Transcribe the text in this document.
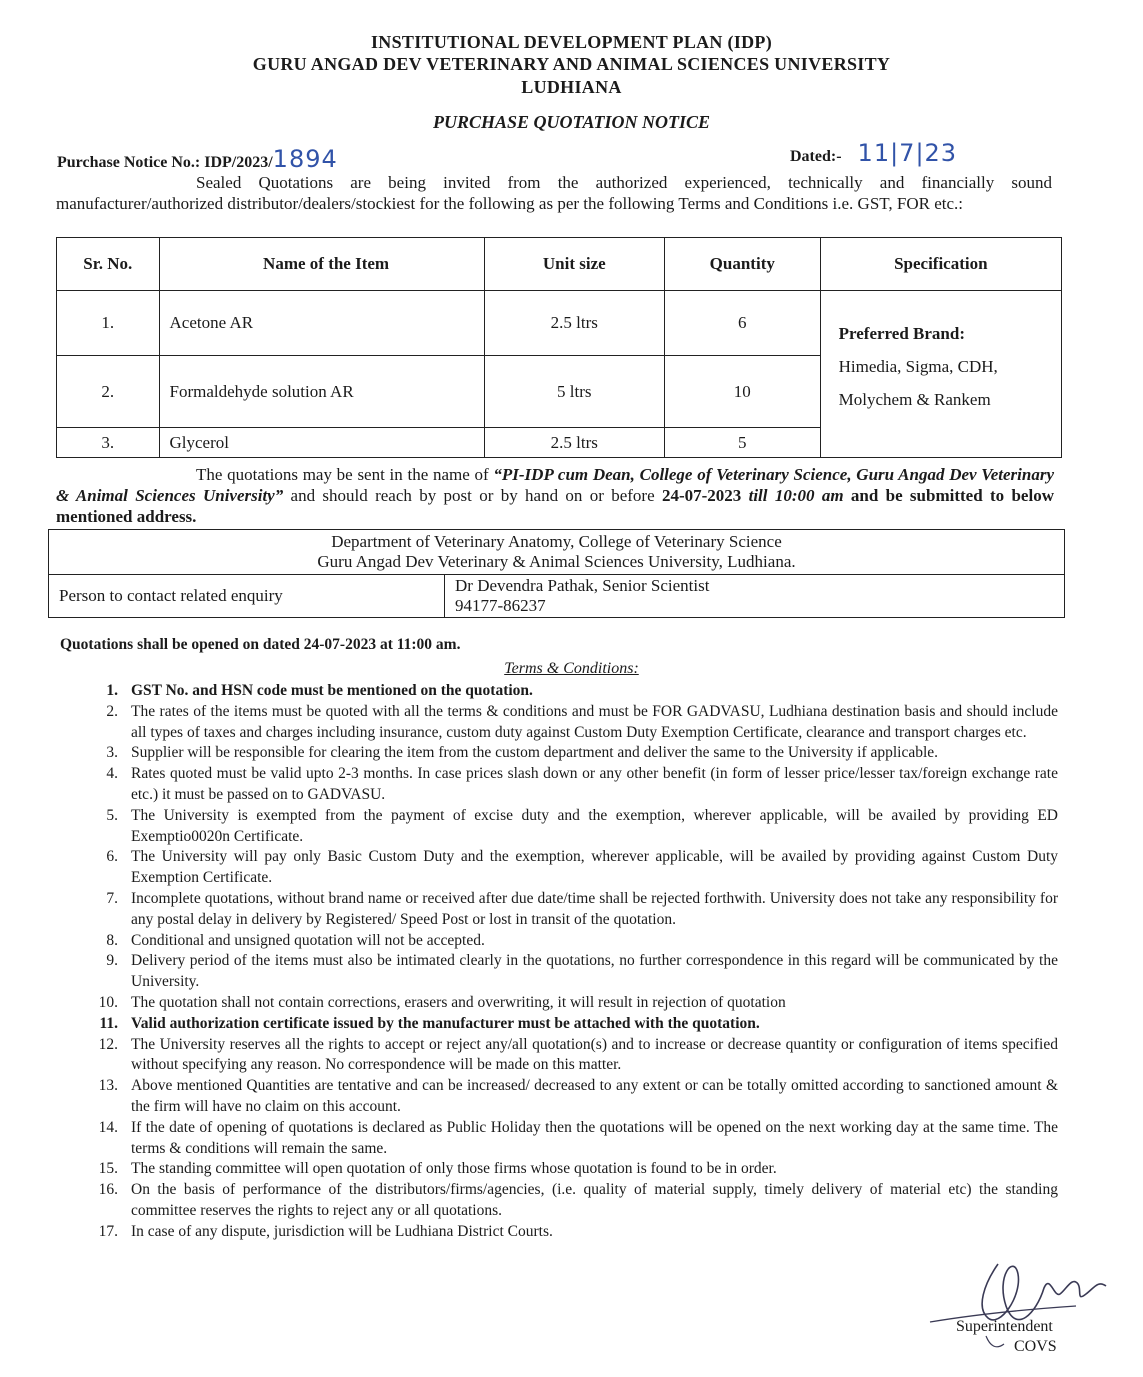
INSTITUTIONAL DEVELOPMENT PLAN (IDP)
GURU ANGAD DEV VETERINARY AND ANIMAL SCIENCES UNIVERSITY
LUDHIANA
PURCHASE QUOTATION NOTICE
Purchase Notice No.: IDP/2023/1894	Dated:- 11|7|23
Sealed Quotations are being invited from the authorized experienced, technically and financially sound manufacturer/authorized distributor/dealers/stockiest for the following as per the following Terms and Conditions i.e. GST, FOR etc.:
Sr. No.	Name of the Item	Unit size	Quantity	Specification
1.	Acetone AR	2.5 ltrs	6	Preferred Brand:
Himedia, Sigma, CDH,
Molychem & Rankem
2.	Formaldehyde solution AR	5 ltrs	10	
3.	Glycerol	2.5 ltrs	5	
The quotations may be sent in the name of “PI-IDP cum Dean, College of Veterinary Science, Guru Angad Dev Veterinary & Animal Sciences University” and should reach by post or by hand on or before 24-07-2023 till 10:00 am and be submitted to below mentioned address.
Department of Veterinary Anatomy, College of Veterinary Science
Guru Angad Dev Veterinary & Animal Sciences University, Ludhiana.
Person to contact related enquiry	Dr Devendra Pathak, Senior Scientist
94177-86237
Quotations shall be opened on dated 24-07-2023 at 11:00 am.
Terms & Conditions:
1. GST No. and HSN code must be mentioned on the quotation.
2. The rates of the items must be quoted with all the terms & conditions and must be FOR GADVASU, Ludhiana destination basis and should include all types of taxes and charges including insurance, custom duty against Custom Duty Exemption Certificate, clearance and transport charges etc.
3. Supplier will be responsible for clearing the item from the custom department and deliver the same to the University if applicable.
4. Rates quoted must be valid upto 2-3 months. In case prices slash down or any other benefit (in form of lesser price/lesser tax/foreign exchange rate etc.) it must be passed on to GADVASU.
5. The University is exempted from the payment of excise duty and the exemption, wherever applicable, will be availed by providing ED Exemptio0020n Certificate.
6. The University will pay only Basic Custom Duty and the exemption, wherever applicable, will be availed by providing against Custom Duty Exemption Certificate.
7. Incomplete quotations, without brand name or received after due date/time shall be rejected forthwith. University does not take any responsibility for any postal delay in delivery by Registered/ Speed Post or lost in transit of the quotation.
8. Conditional and unsigned quotation will not be accepted.
9. Delivery period of the items must also be intimated clearly in the quotations, no further correspondence in this regard will be communicated by the University.
10. The quotation shall not contain corrections, erasers and overwriting, it will result in rejection of quotation
11. Valid authorization certificate issued by the manufacturer must be attached with the quotation.
12. The University reserves all the rights to accept or reject any/all quotation(s) and to increase or decrease quantity or configuration of items specified without specifying any reason. No correspondence will be made on this matter.
13. Above mentioned Quantities are tentative and can be increased/ decreased to any extent or can be totally omitted according to sanctioned amount & the firm will have no claim on this account.
14. If the date of opening of quotations is declared as Public Holiday then the quotations will be opened on the next working day at the same time. The terms & conditions will remain the same.
15. The standing committee will open quotation of only those firms whose quotation is found to be in order.
16. On the basis of performance of the distributors/firms/agencies, (i.e. quality of material supply, timely delivery of material etc) the standing committee reserves the rights to reject any or all quotations.
17. In case of any dispute, jurisdiction will be Ludhiana District Courts.
Superintendent
COVS
